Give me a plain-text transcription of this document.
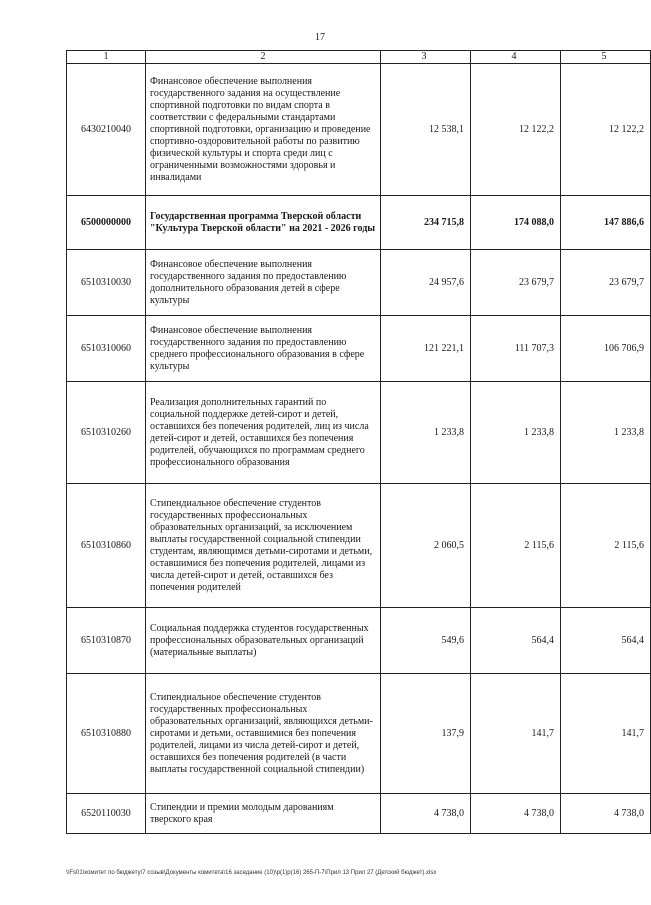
17
1	2	3	4	5
6430210040	Финансовое обеспечение выполнения государственного задания на осуществление спортивной подготовки по видам спорта в соответствии с федеральными стандартами спортивной подготовки, организацию и проведение спортивно-оздоровительной работы по развитию физической культуры и спорта среди лиц с ограниченными возможностями здоровья и инвалидами	12 538,1	12 122,2	12 122,2
6500000000	Государственная программа Тверской области "Культура Тверской области" на 2021 - 2026 годы	234 715,8	174 088,0	147 886,6
6510310030	Финансовое обеспечение выполнения государственного задания по предоставлению дополнительного образования детей в сфере культуры	24 957,6	23 679,7	23 679,7
6510310060	Финансовое обеспечение выполнения государственного задания по предоставлению среднего профессионального образования в сфере культуры	121 221,1	111 707,3	106 706,9
6510310260	Реализация дополнительных гарантий по социальной поддержке детей-сирот и детей, оставшихся без попечения родителей, лиц из числа детей-сирот и детей, оставшихся без попечения родителей, обучающихся по программам среднего профессионального образования	1 233,8	1 233,8	1 233,8
6510310860	Стипендиальное обеспечение студентов государственных профессиональных образовательных организаций, за исключением выплаты государственной социальной стипендии студентам, являющимся детьми-сиротами и детьми, оставшимися без попечения родителей, лицами из числа детей-сирот и детей, оставшихся без попечения родителей	2 060,5	2 115,6	2 115,6
6510310870	Социальная поддержка студентов государственных профессиональных образовательных организаций (материальные выплаты)	549,6	564,4	564,4
6510310880	Стипендиальное обеспечение студентов государственных профессиональных образовательных организаций, являющихся детьми-сиротами и детьми, оставшимися без попечения родителей, лицами из числа детей-сирот и детей, оставшихся без попечения родителей (в части выплаты государственной социальной стипендии)	137,9	141,7	141,7
6520110030	Стипендии и премии молодым дарованиям тверского края	4 738,0	4 738,0	4 738,0
\\Fs01\комитет по бюджету\7 созыв\Документы комитета\16 заседание (10)\р(1)р(16) 265-П-7\Прил 13 Прил 27 (Детский бюджет).xlsx
